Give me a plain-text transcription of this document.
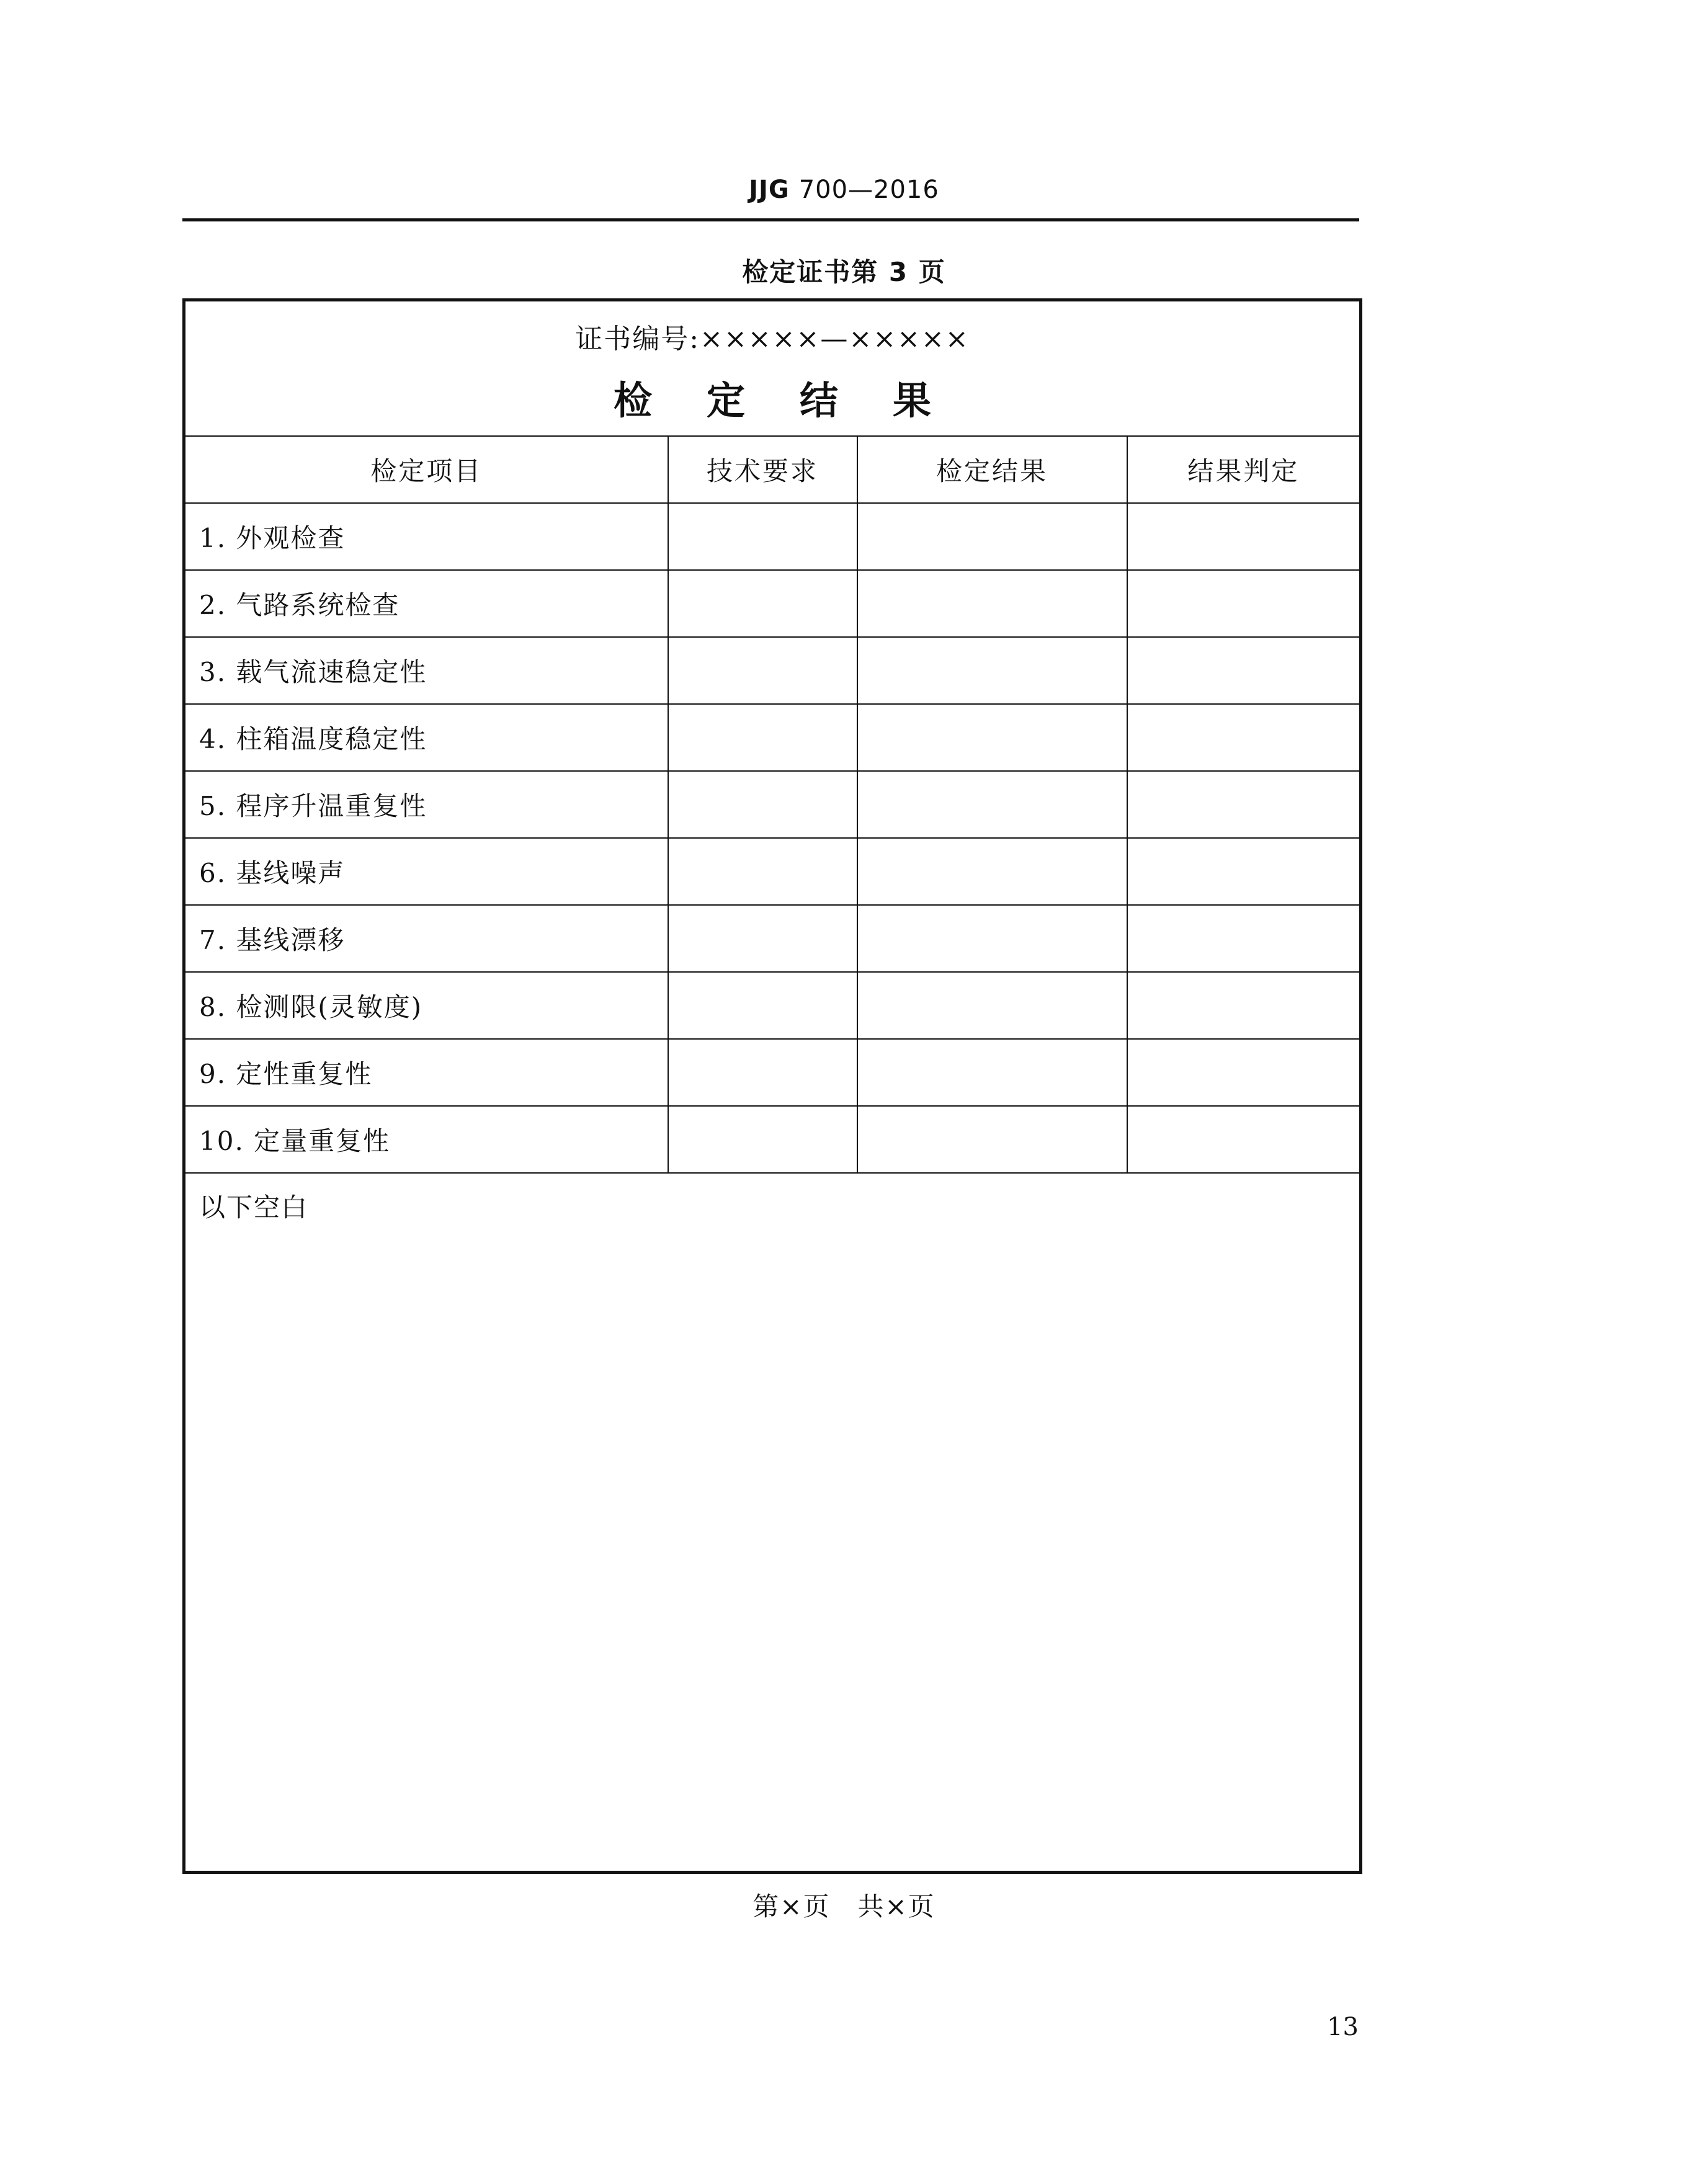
JJG 700—2016
检定证书第 3 页
证书编号:×××××—×××××
检定结果			

检定项目	技术要求	检定结果	结果判定
1. 外观检查			
2. 气路系统检查			
3. 载气流速稳定性			
4. 柱箱温度稳定性			
5. 程序升温重复性			
6. 基线噪声			
7. 基线漂移			
8. 检测限(灵敏度)			
9. 定性重复性			
10. 定量重复性			
以下空白			
第×页　共×页
13
